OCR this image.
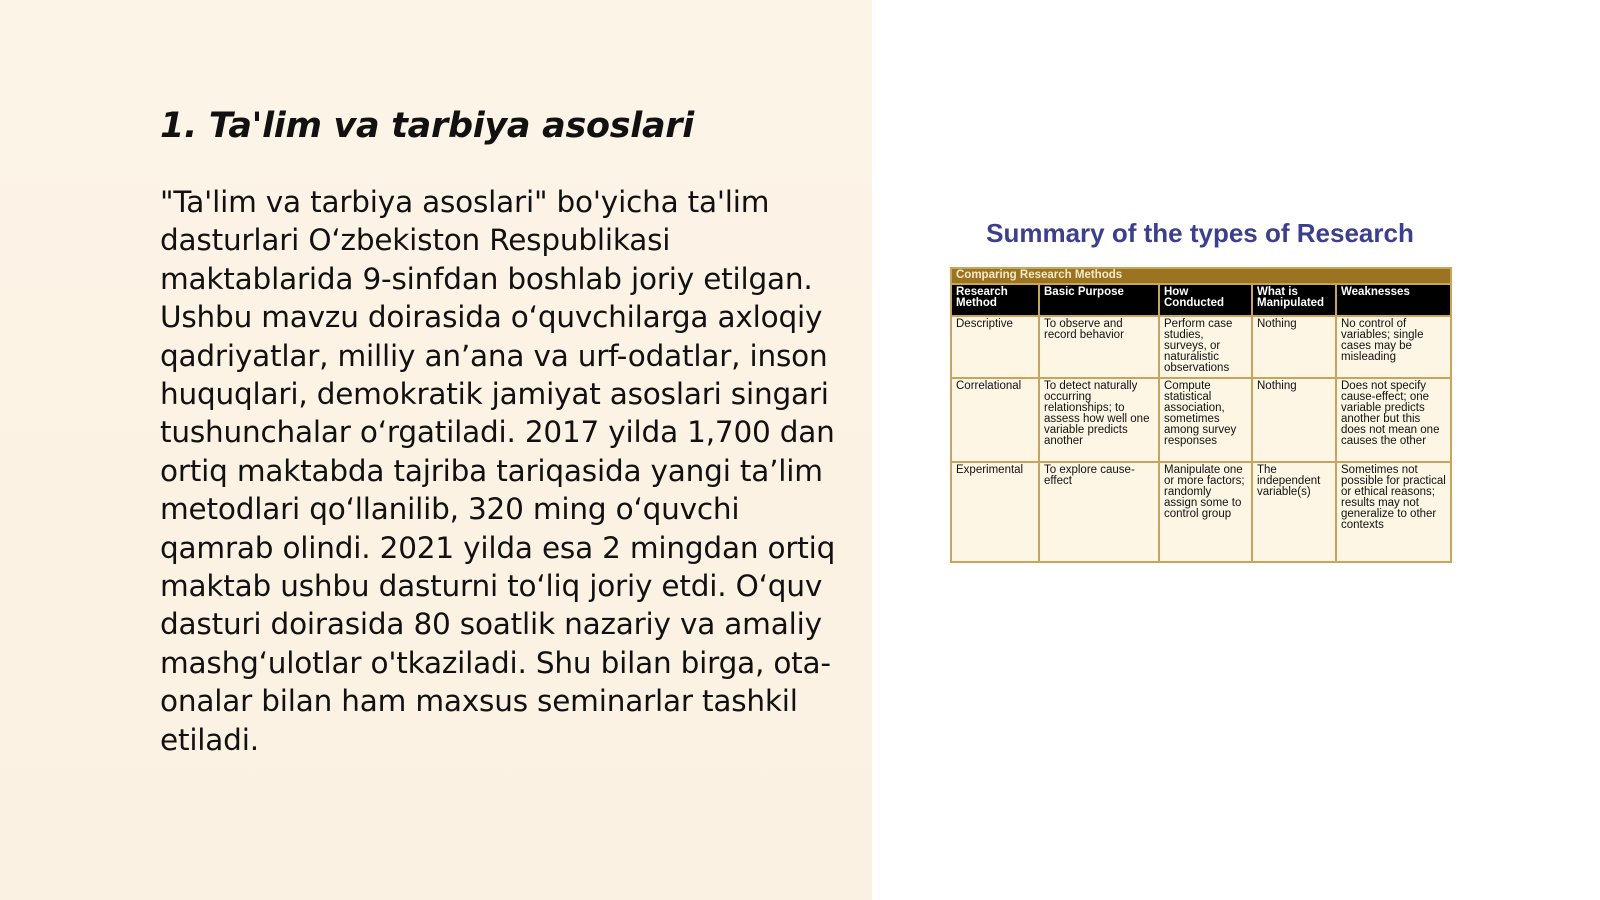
1. Ta'lim va tarbiya asoslari

"Ta'lim va tarbiya asoslari" bo'yicha ta'lim dasturlari O‘zbekiston Respublikasi maktablarida 9-sinfdan boshlab joriy etilgan. Ushbu mavzu doirasida o‘quvchilarga axloqiy qadriyatlar, milliy an’ana va urf-odatlar, inson huquqlari, demokratik jamiyat asoslari singari tushunchalar o‘rgatiladi. 2017 yilda 1,700 dan ortiq maktabda tajriba tariqasida yangi ta’lim metodlari qo‘llanilib, 320 ming o‘quvchi qamrab olindi. 2021 yilda esa 2 mingdan ortiq maktab ushbu dasturni to‘liq joriy etdi. O‘quv dasturi doirasida 80 soatlik nazariy va amaliy mashg‘ulotlar o'tkaziladi. Shu bilan birga, ota-onalar bilan ham maxsus seminarlar tashkil etiladi.

Summary of the types of Research
Comparing Research Methods				
Research Method	Basic Purpose	How Conducted	What is Manipulated	Weaknesses
Descriptive	To observe and record behavior	Perform case studies, surveys, or naturalistic observations	Nothing	No control of variables; single cases may be misleading
Correlational	To detect naturally occurring relationships; to assess how well one variable predicts another	Compute statistical association, sometimes among survey responses	Nothing	Does not specify cause-effect; one variable predicts another but this does not mean one causes the other
Experimental	To explore cause-effect	Manipulate one or more factors; randomly assign some to control group	The independent variable(s)	Sometimes not possible for practical or ethical reasons; results may not generalize to other contexts
